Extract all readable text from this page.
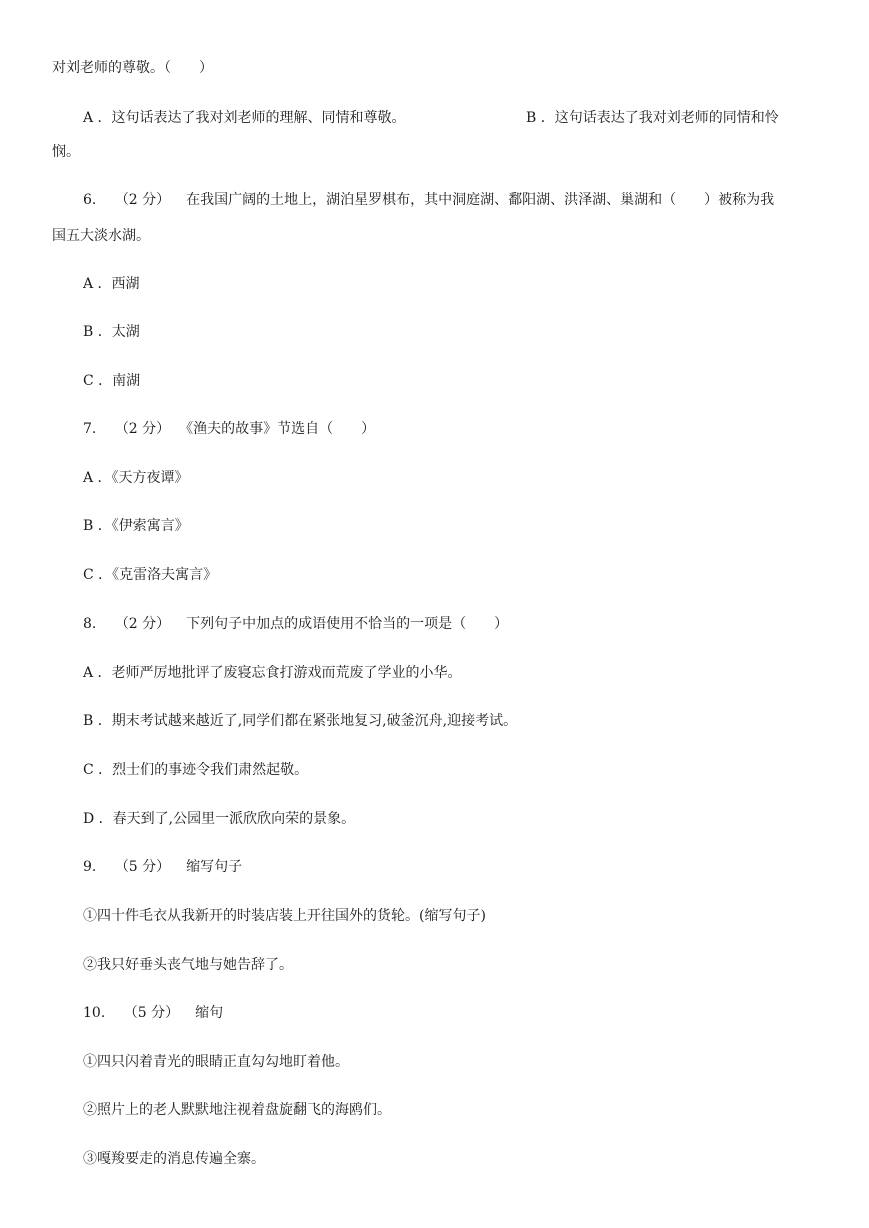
对刘老师的尊敬。（　　）
A ．这句话表达了我对刘老师的理解、同情和尊敬。	B ．这句话表达了我对刘老师的同情和怜
悯。
6. （2 分） 在我国广阔的土地上，湖泊星罗棋布，其中洞庭湖、鄱阳湖、洪泽湖、巢湖和（　　）被称为我
国五大淡水湖。
A ．西湖
B ．太湖
C ．南湖
7. （2 分） 《渔夫的故事》节选自（　　）
A ．《天方夜谭》
B ．《伊索寓言》
C ．《克雷洛夫寓言》
8. （2 分） 下列句子中加点的成语使用不恰当的一项是（　　）
A ．老师严厉地批评了废寝忘食打游戏而荒废了学业的小华。
B ．期末考试越来越近了,同学们都在紧张地复习,破釜沉舟,迎接考试。
C ．烈士们的事迹令我们肃然起敬。
D ．春天到了,公园里一派欣欣向荣的景象。
9. （5 分） 缩写句子
①四十件毛衣从我新开的时装店装上开往国外的货轮。(缩写句子)
②我只好垂头丧气地与她告辞了。
10. （5 分） 缩句
①四只闪着青光的眼睛正直勾勾地盯着他。
②照片上的老人默默地注视着盘旋翻飞的海鸥们。
③嘎羧要走的消息传遍全寨。
